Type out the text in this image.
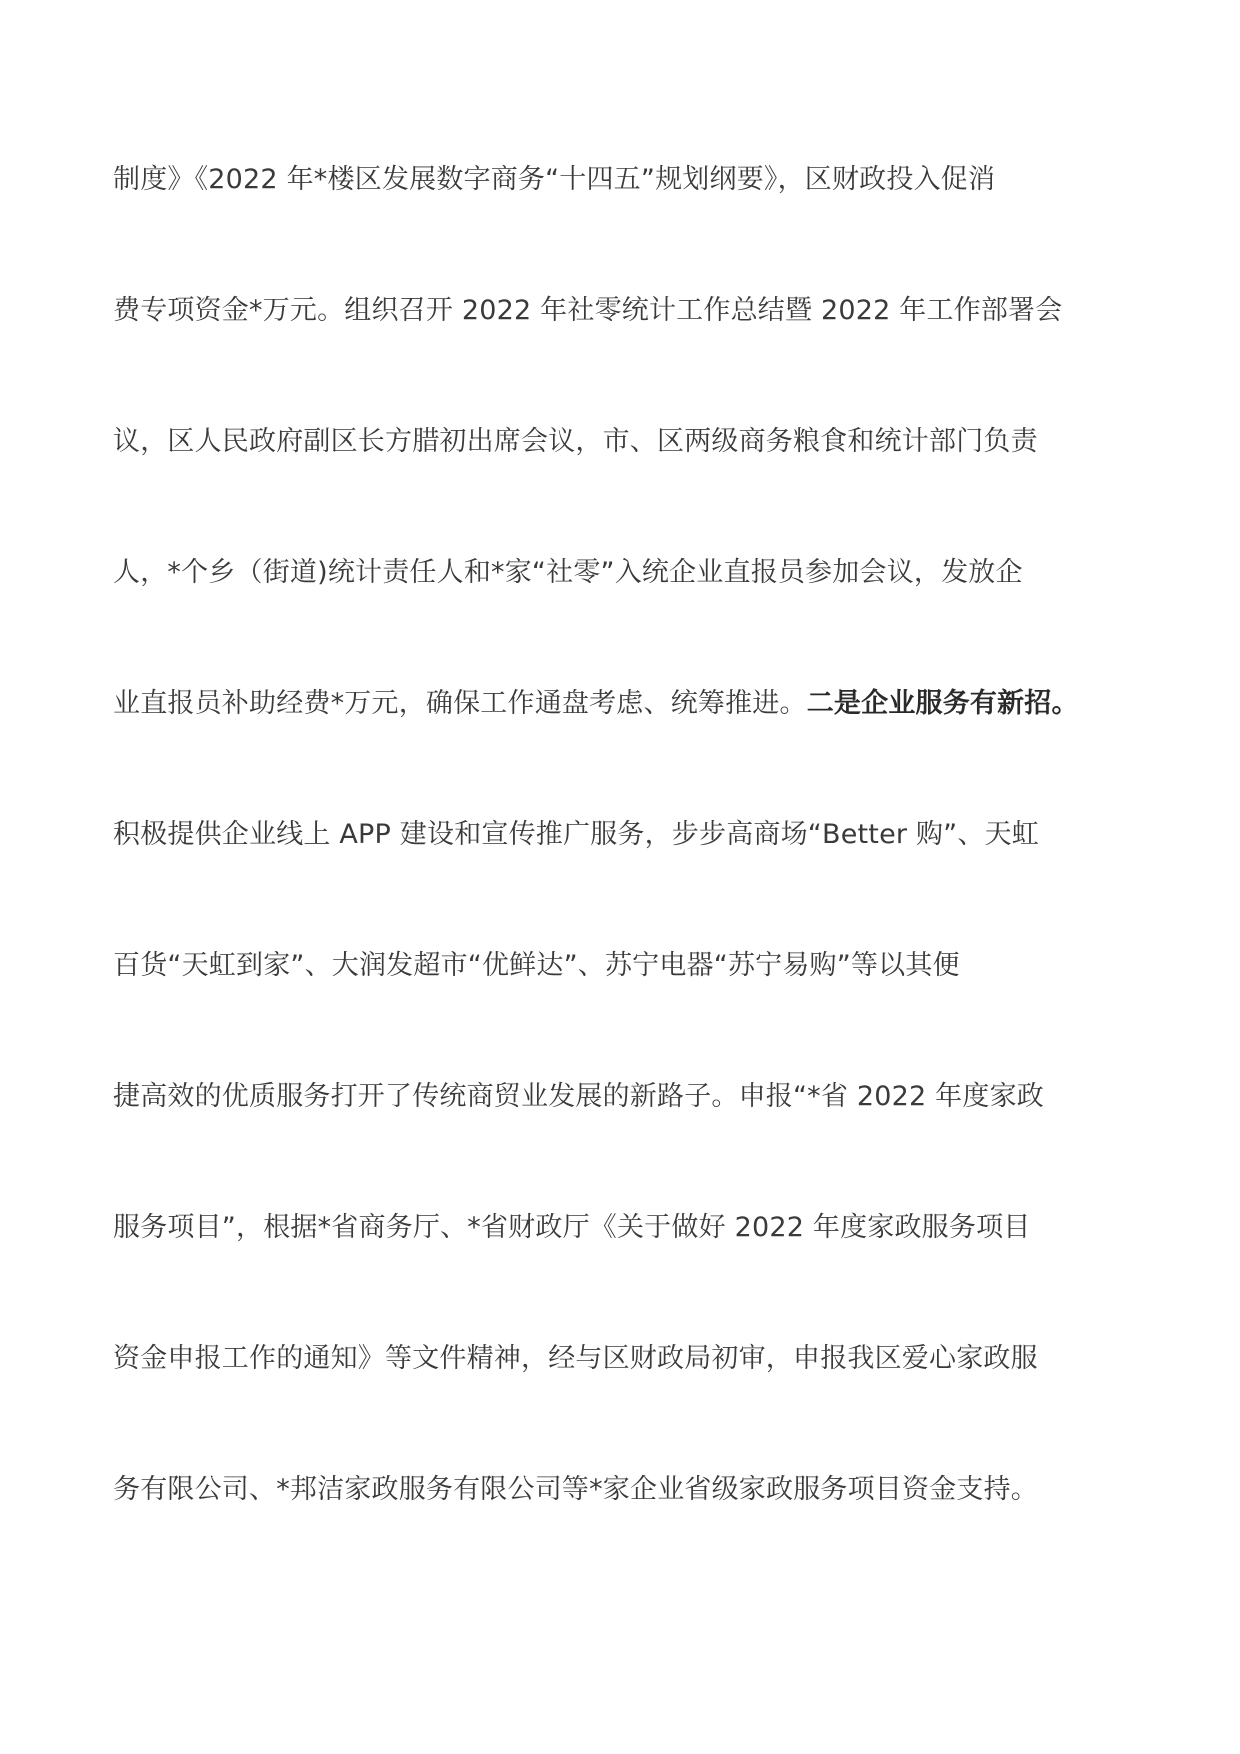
制度》《2022 年*楼区发展数字商务“十四五”规划纲要》，区财政投入促消
费专项资金*万元。组织召开 2022 年社零统计工作总结暨 2022 年工作部署会
议，区人民政府副区长方腊初出席会议，市、区两级商务粮食和统计部门负责
人，*个乡（街道)统计责任人和*家“社零”入统企业直报员参加会议，发放企
业直报员补助经费*万元，确保工作通盘考虑、统筹推进。二是企业服务有新招。
积极提供企业线上 APP 建设和宣传推广服务，步步高商场“Better 购”、天虹
百货“天虹到家”、大润发超市“优鲜达”、苏宁电器“苏宁易购”等以其便
捷高效的优质服务打开了传统商贸业发展的新路子。申报“*省 2022 年度家政
服务项目”，根据*省商务厅、*省财政厅《关于做好 2022 年度家政服务项目
资金申报工作的通知》等文件精神，经与区财政局初审，申报我区爱心家政服
务有限公司、*邦洁家政服务有限公司等*家企业省级家政服务项目资金支持。
